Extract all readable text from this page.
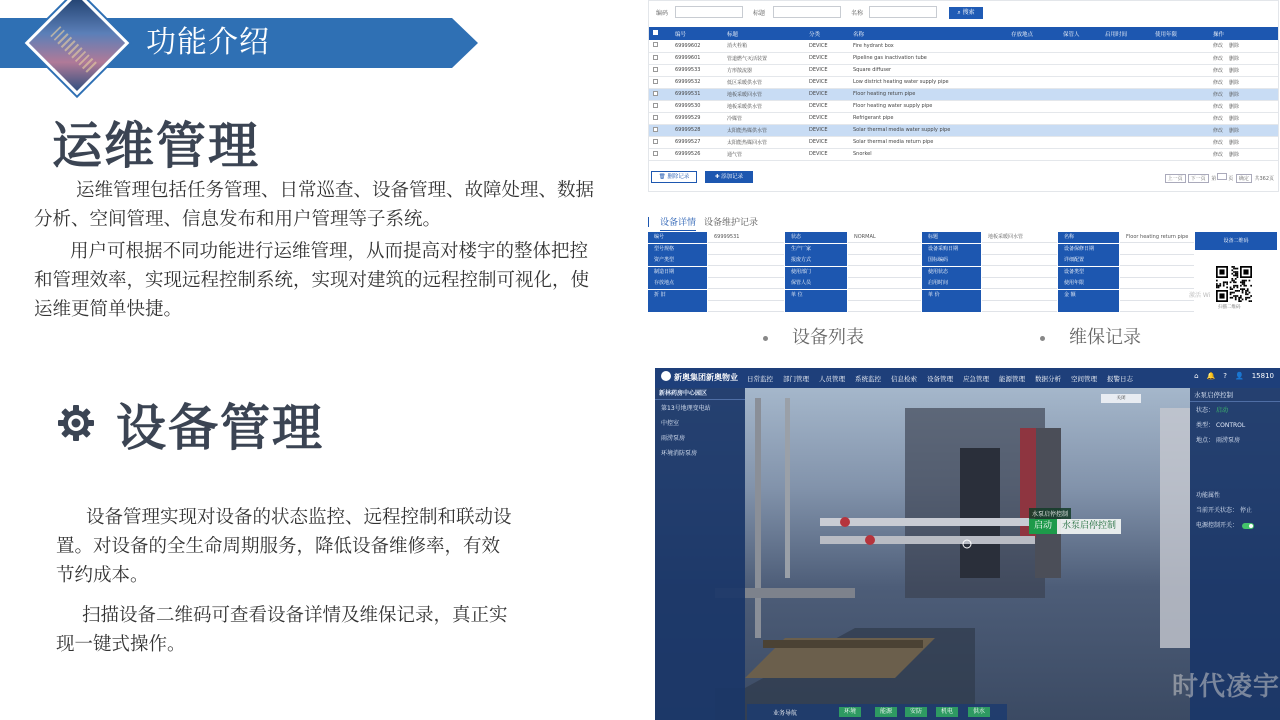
功能介绍
运维管理
运维管理包括任务管理、日常巡查、设备管理、故障处理、数据分析、空间管理、信息发布和用户管理等子系统。
用户可根据不同功能进行运维管理，从而提高对楼宇的整体把控和管理效率，实现远程控制系统，实现对建筑的远程控制可视化，使运维更简单快捷。
设备管理
设备管理实现对设备的状态监控、远程控制和联动设置。对设备的全生命周期服务，降低设备维修率，有效节约成本。
扫描设备二维码可查看设备详情及维保记录，真正实现一键式操作。
编码	标题	名称	⌕ 搜索
	编号	标题	分类	名称	存放地点	保管人	启用时间	使用年限	操作
	69999602	消火栓箱	DEVICE	Fire hydrant box					修改 删除
	69999601	管道燃气灭活装置	DEVICE	Pipeline gas inactivation tube					修改 删除
	69999533	方形散流器	DEVICE	Square diffuser					修改 删除
	69999532	低区采暖供水管	DEVICE	Low district heating water supply pipe					修改 删除
	69999531	地板采暖回水管	DEVICE	Floor heating return pipe					修改 删除
	69999530	地板采暖供水管	DEVICE	Floor heating water supply pipe					修改 删除
	69999529	冷媒管	DEVICE	Refrigerant pipe					修改 删除
	69999528	太阳能热媒供水管	DEVICE	Solar thermal media water supply pipe					修改 删除
	69999527	太阳能热媒回水管	DEVICE	Solar thermal media return pipe					修改 删除
	69999526	通气管	DEVICE	Snorkel					修改 删除
🗑 删除记录	✚ 添加记录	上一页 下一页 第 页 确定 共362页
设备详情 设备维护记录
编号	69999531	状态	NORMAL	标题	地板采暖回水管	名称	Floor heating return pipe
型号规格	生产厂家	设备采购日期	设备保修日期
资产类型	报废方式	国标编码	详细配置
制造日期	使用部门	使用状态	设备类型
存放地点	保管人员	启用时间	使用年限
折 旧	单 位	单 价	金 额
设备二维码
扫描二维码
激活 Wi
设备列表	维保记录
新奥集团新奥物业 日常监控 部门管理 人员管理 系统监控 信息检索 设备管理 应急管理 能源管理 数据分析 空间管理 报警日志	⌂ 🔔 ? 👤 15810
新林药房中心园区
第13号地理变电站
中控室
雨涝泵房
环境消防泵房
关闭	水泵启停控制
状态： 启动
类型： CONTROL
地点： 雨涝泵房
功能属性
当前开关状态： 停止
电源控制开关：
水泵启停控制
启动 水泵启停控制
业务导航	环境	能源	安防	机电	供水
时代凌宇
